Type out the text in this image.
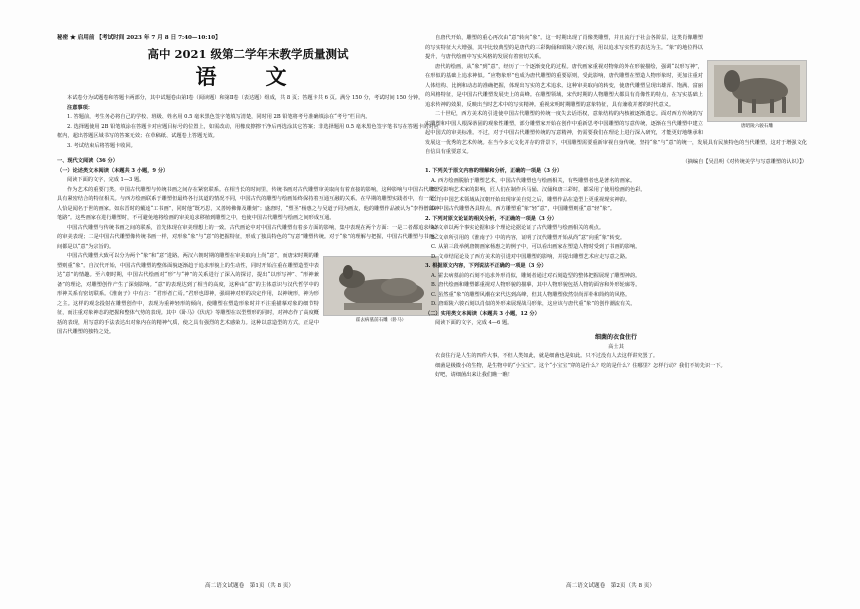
秘密 ★ 启用前 【考试时间 2023 年 7 月 8 日 7:40—10:10】
高中 2021 级第二学年末教学质量测试
语　文

本试卷分为试题卷和答题卡两部分，其中试题卷由第Ⅰ卷（阅读题）和第Ⅱ卷（表达题）组成，共 8 页；答题卡共 6 页。满分 150 分，考试时间 150 分钟。

注意事项：

1. 答题前，考生务必将自己的学校、班级、姓名用 0.5 毫米黑色签字笔填写清楚，同时用 2B 铅笔将考号准确填涂在“考号”栏目内。

2. 选择题使用 2B 铅笔填涂在答题卡对应题目标号的位置上，如需改动，用橡皮擦擦干净后再选涂其它答案；非选择题用 0.5 毫米黑色签字笔书写在答题卡的对应框内，超出答题区域书写的答案无效；在草稿纸、试题卷上答题无效。

3. 考试结束后将答题卡收回。

一、现代文阅读（36 分）

（一）论述类文本阅读（本题共 3 小题，9 分）

阅读下面的文字，完成 1—3 题。

作为艺术的重要门类，中国古代雕塑与传统书画之间存在紧密联系。在相当长的时间里，传统书画对古代雕塑审美取向有着直接的影响，这种影响与中国古代雕塑具有紧密结合的特征相关。与西方绘画联系于雕塑但最终各行其道的情况不同，中国古代的雕塑与绘画始终保持着互通互融的关系。在早期的雕塑实践者中，有一部分人恰是闻名于世的画家。如东晋时的戴逵“工书画”，同时他“既巧思，又善铸佛像及雕刻”；盛唐时，“塑圣”杨惠之与吴道子同为画友，他的雕塑作品被认为“李得僧繇神笔路”。这些画家在进行雕塑时，不可避免地将绘画的审美追求移植到雕塑之中，也使中国古代雕塑与绘画之间形成互通。

中国古代雕塑与传统书画之间的联系，首先体现在审美理想上的一致。古代画论中对中国古代雕塑有着多方面的影响，集中表现在两个方面：一是二者都追求线条的审美表现；二是中国古代雕塑像传统书画一样，对形象“象”与“意”的把握特征，形成了独具特色的“写意”雕塑传统。对于“象”的理解与把握，中国古代雕塑与书画之间都是以“意”为宗旨的。

霍去病墓前石雕（卧马）

中国古代雕塑大致可以分为两个“象”和“意”进路。两汉六朝时期的雕塑在审美取向上尚“意”，而唐宋时期的雕塑则重“象”。自汉代开始，中国古代雕塑的整体面貌逐渐趋于追求形貌上的生动性，同时开始注重在雕塑造型中表达“意”的情趣。至六朝时期，中国古代绘画对“形”与“神”的关系进行了深入的探讨，提出“以形写神”、“形神兼备”的理论，对雕塑创作产生了深刻影响。“意”的表现达到了相当的高度，这种由“意”的主体意识与汉代哲学中的形神关系有密切联系。《淮南子》中有言：“君形者亡焉。”君形也即神，强调神对形的决定作用，以神统形，神为形之主。这样的观念投射在雕塑创作中，表现为重神轻形的倾向，使雕塑在塑造形象时并不注重描摹对象的细节特征，而注重对象神态的把握和整体气势的表现。其中《卧马》《伏虎》等雕塑在以型塑形的同时，对神态作了高度概括的表现，用写意的手法表达出对象内在的精神气质，使之具有强烈的艺术感染力。这种以意造型的方式，正是中国古代雕塑的独特之处。

唐昭陵六骏石雕

自唐代开始，雕塑的重心再次由“意”转向“象”。这一时期出现了肖像类雕塑，并且流行于社会各阶层，这类肖像雕塑的写实特征大大增强，其中比较典型的是唐代的三彩陶俑和昭陵六骏石刻，用以追求写实性的表达为主。“象”的地位得以提升，与唐代绘画中写实风格的发展有着密切关系。

唐代的绘画，从“象”到“意”，经历了一个逐渐变化的过程。唐代画家重视对物象的外在形貌描绘，强调“以形写神”，在形似的基础上追求神似。“应物象形”也成为唐代雕塑的重要原则，受此影响，唐代雕塑在塑造人物形象时，更加注重对人体结构、比例和动态的准确把握，体现出写实的艺术追求。这种审美取向的转变，使唐代雕塑呈现出雄浑、饱满、富丽的风格特征，是中国古代雕塑发展史上的高峰。在雕塑领域，宋代时期的人物雕塑大都具有肖像性的特点，在写实基础上追求传神的效果，反映出当时艺术中的写实精神。重视宋明时期雕塑的意象特征，具有兼收并蓄的时代意义。

二十世纪，西方美术的引进使中国古代雕塑的传统一度失去话语权，意象结构的内核被逐渐遗忘。面对西方传统的写实雕塑和中国人根深蒂固的观象性雕塑，部分雕塑家开始在创作中重新思考中国雕塑的写意传统，逐渐在当代雕塑中建立起中国式的审美标准。不过，对于中国古代雕塑传统的写意精神，仍需要我们在理论上进行深入研究，才能更好地继承和发展这一优秀的艺术传统。在当今多元文化并存的背景下，中国雕塑需要重新审视自身传统，坚持“象”与“意”的统一，发展具有民族特色的当代雕塑，这对于增强文化自信具有重要意义。

（摘编自【吴昌明《对传统美学与写意雕塑的认识》】）

1. 下列关于原文内容的理解和分析，正确的一项是（3 分）

A. 西方绘画脱胎于雕塑艺术，中国古代雕塑也与绘画相关，有些雕塑者也是著名的画家。

B. 受影响艺术家的影响，匠人们在制作兵马俑、汉俑和唐三彩时，都采用了使用绘画的色彩。

C. 自中国艺术领域从汉朝开始出现审美自觉之后，雕塑作品在造型上更重视现实神韵。

D. 中国古代雕塑各具特点，西方雕塑重“象”轻“意”，中国雕塑则重“意”轻“象”。

2. 下列对原文论证的相关分析，不正确的一项是（3 分）

A. 文章以两个事实论据和多个理论论据论证了古代雕塑与绘画相关的观点。

B. 文章所引用的《淮南子》中的内容，证明了汉代雕塑开始从尚“意”向重“象”转变。

C. 从第三段举例唐朝画家杨惠之的例子中，可以看出画家在塑造人物时受到了书画的影响。

D. 文章结尾论及了西方美术的引进对中国雕塑的影响，并提出雕塑艺术应走写意之路。

3. 根据原文内容，下列说法不正确的一项是（3 分）

A. 霍去病墓前的石刻不追求外形肖似，雕刻者通过对石刻造型的整体把握展现了雕塑神韵。

B. 唐代绘画和雕塑都重视对人物形貌的描摹，其中人物形貌包括人物的面容和外形轮廓等。

C. 虽然重“象”的雕塑风潮在宋代达到高峰，但其人物雕塑依然崇尚浑朴和简约的风格。

D. 唐昭陵六骏石刻以肖似的外形来展现战马形象，这应该与唐代重“象”的创作潮流有关。

（二）实用类文本阅读（本题共 3 小题，12 分）

阅读下面的文字，完成 4—6 题。

细菌的衣食住行

高士其

衣食住行是人生的四件大事，不但人类如此，就是细菌也是如此。只不过没有人去这样讲究罢了。

细菌是极微小的生物，是生物中的“小宝宝”。这个“小宝宝”穿的是什么？吃的是什么？住哪里？怎样行动？我们不妨先识一下。

好吧，请细菌出来让我们瞧一瞧！

高二语文试题卷　第1页（共 8 页）	高二语文试题卷　第2页（共 8 页）
